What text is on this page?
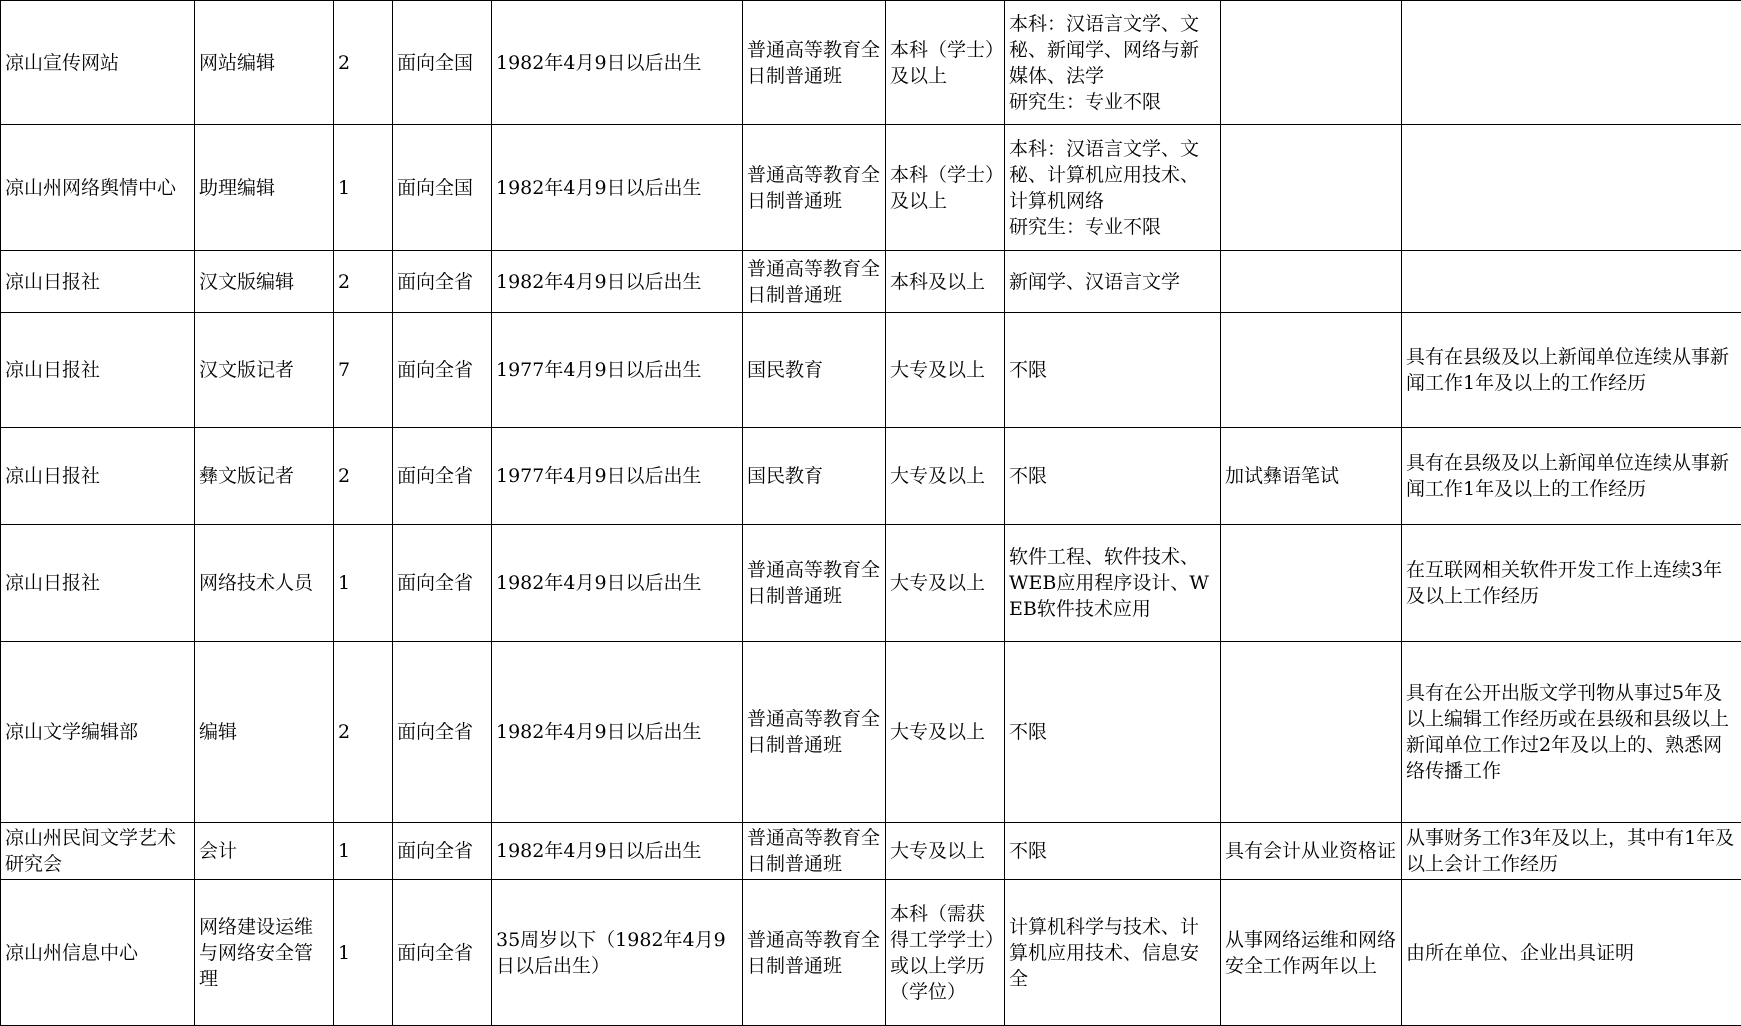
凉山宣传网站	网站编辑	2	面向全国	1982年4月9日以后出生	普通高等教育全日制普通班	本科（学士）及以上	本科：汉语言文学、文秘、新闻学、网络与新媒体、法学
研究生：专业不限		
凉山州网络舆情中心	助理编辑	1	面向全国	1982年4月9日以后出生	普通高等教育全日制普通班	本科（学士）及以上	本科：汉语言文学、文秘、计算机应用技术、 计算机网络
研究生：专业不限		
凉山日报社	汉文版编辑	2	面向全省	1982年4月9日以后出生	普通高等教育全日制普通班	本科及以上	新闻学、汉语言文学		
凉山日报社	汉文版记者	7	面向全省	1977年4月9日以后出生	国民教育	大专及以上	不限		具有在县级及以上新闻单位连续从事新闻工作1年及以上的工作经历
凉山日报社	彝文版记者	2	面向全省	1977年4月9日以后出生	国民教育	大专及以上	不限	加试彝语笔试	具有在县级及以上新闻单位连续从事新闻工作1年及以上的工作经历
凉山日报社	网络技术人员	1	面向全省	1982年4月9日以后出生	普通高等教育全日制普通班	大专及以上	软件工程、软件技术、WEB应用程序设计、WEB软件技术应用		在互联网相关软件开发工作上连续3年及以上工作经历
凉山文学编辑部	编辑	2	面向全省	1982年4月9日以后出生	普通高等教育全日制普通班	大专及以上	不限		具有在公开出版文学刊物从事过5年及以上编辑工作经历或在县级和县级以上新闻单位工作过2年及以上的、熟悉网络传播工作
凉山州民间文学艺术研究会	会计	1	面向全省	1982年4月9日以后出生	普通高等教育全日制普通班	大专及以上	不限	具有会计从业资格证	从事财务工作3年及以上，其中有1年及以上会计工作经历
凉山州信息中心	网络建设运维与网络安全管理	1	面向全省	35周岁以下（1982年4月9日以后出生）	普通高等教育全日制普通班	本科（需获得工学学士）或以上学历（学位）	计算机科学与技术、计算机应用技术、信息安全	从事网络运维和网络安全工作两年以上	由所在单位、企业出具证明
